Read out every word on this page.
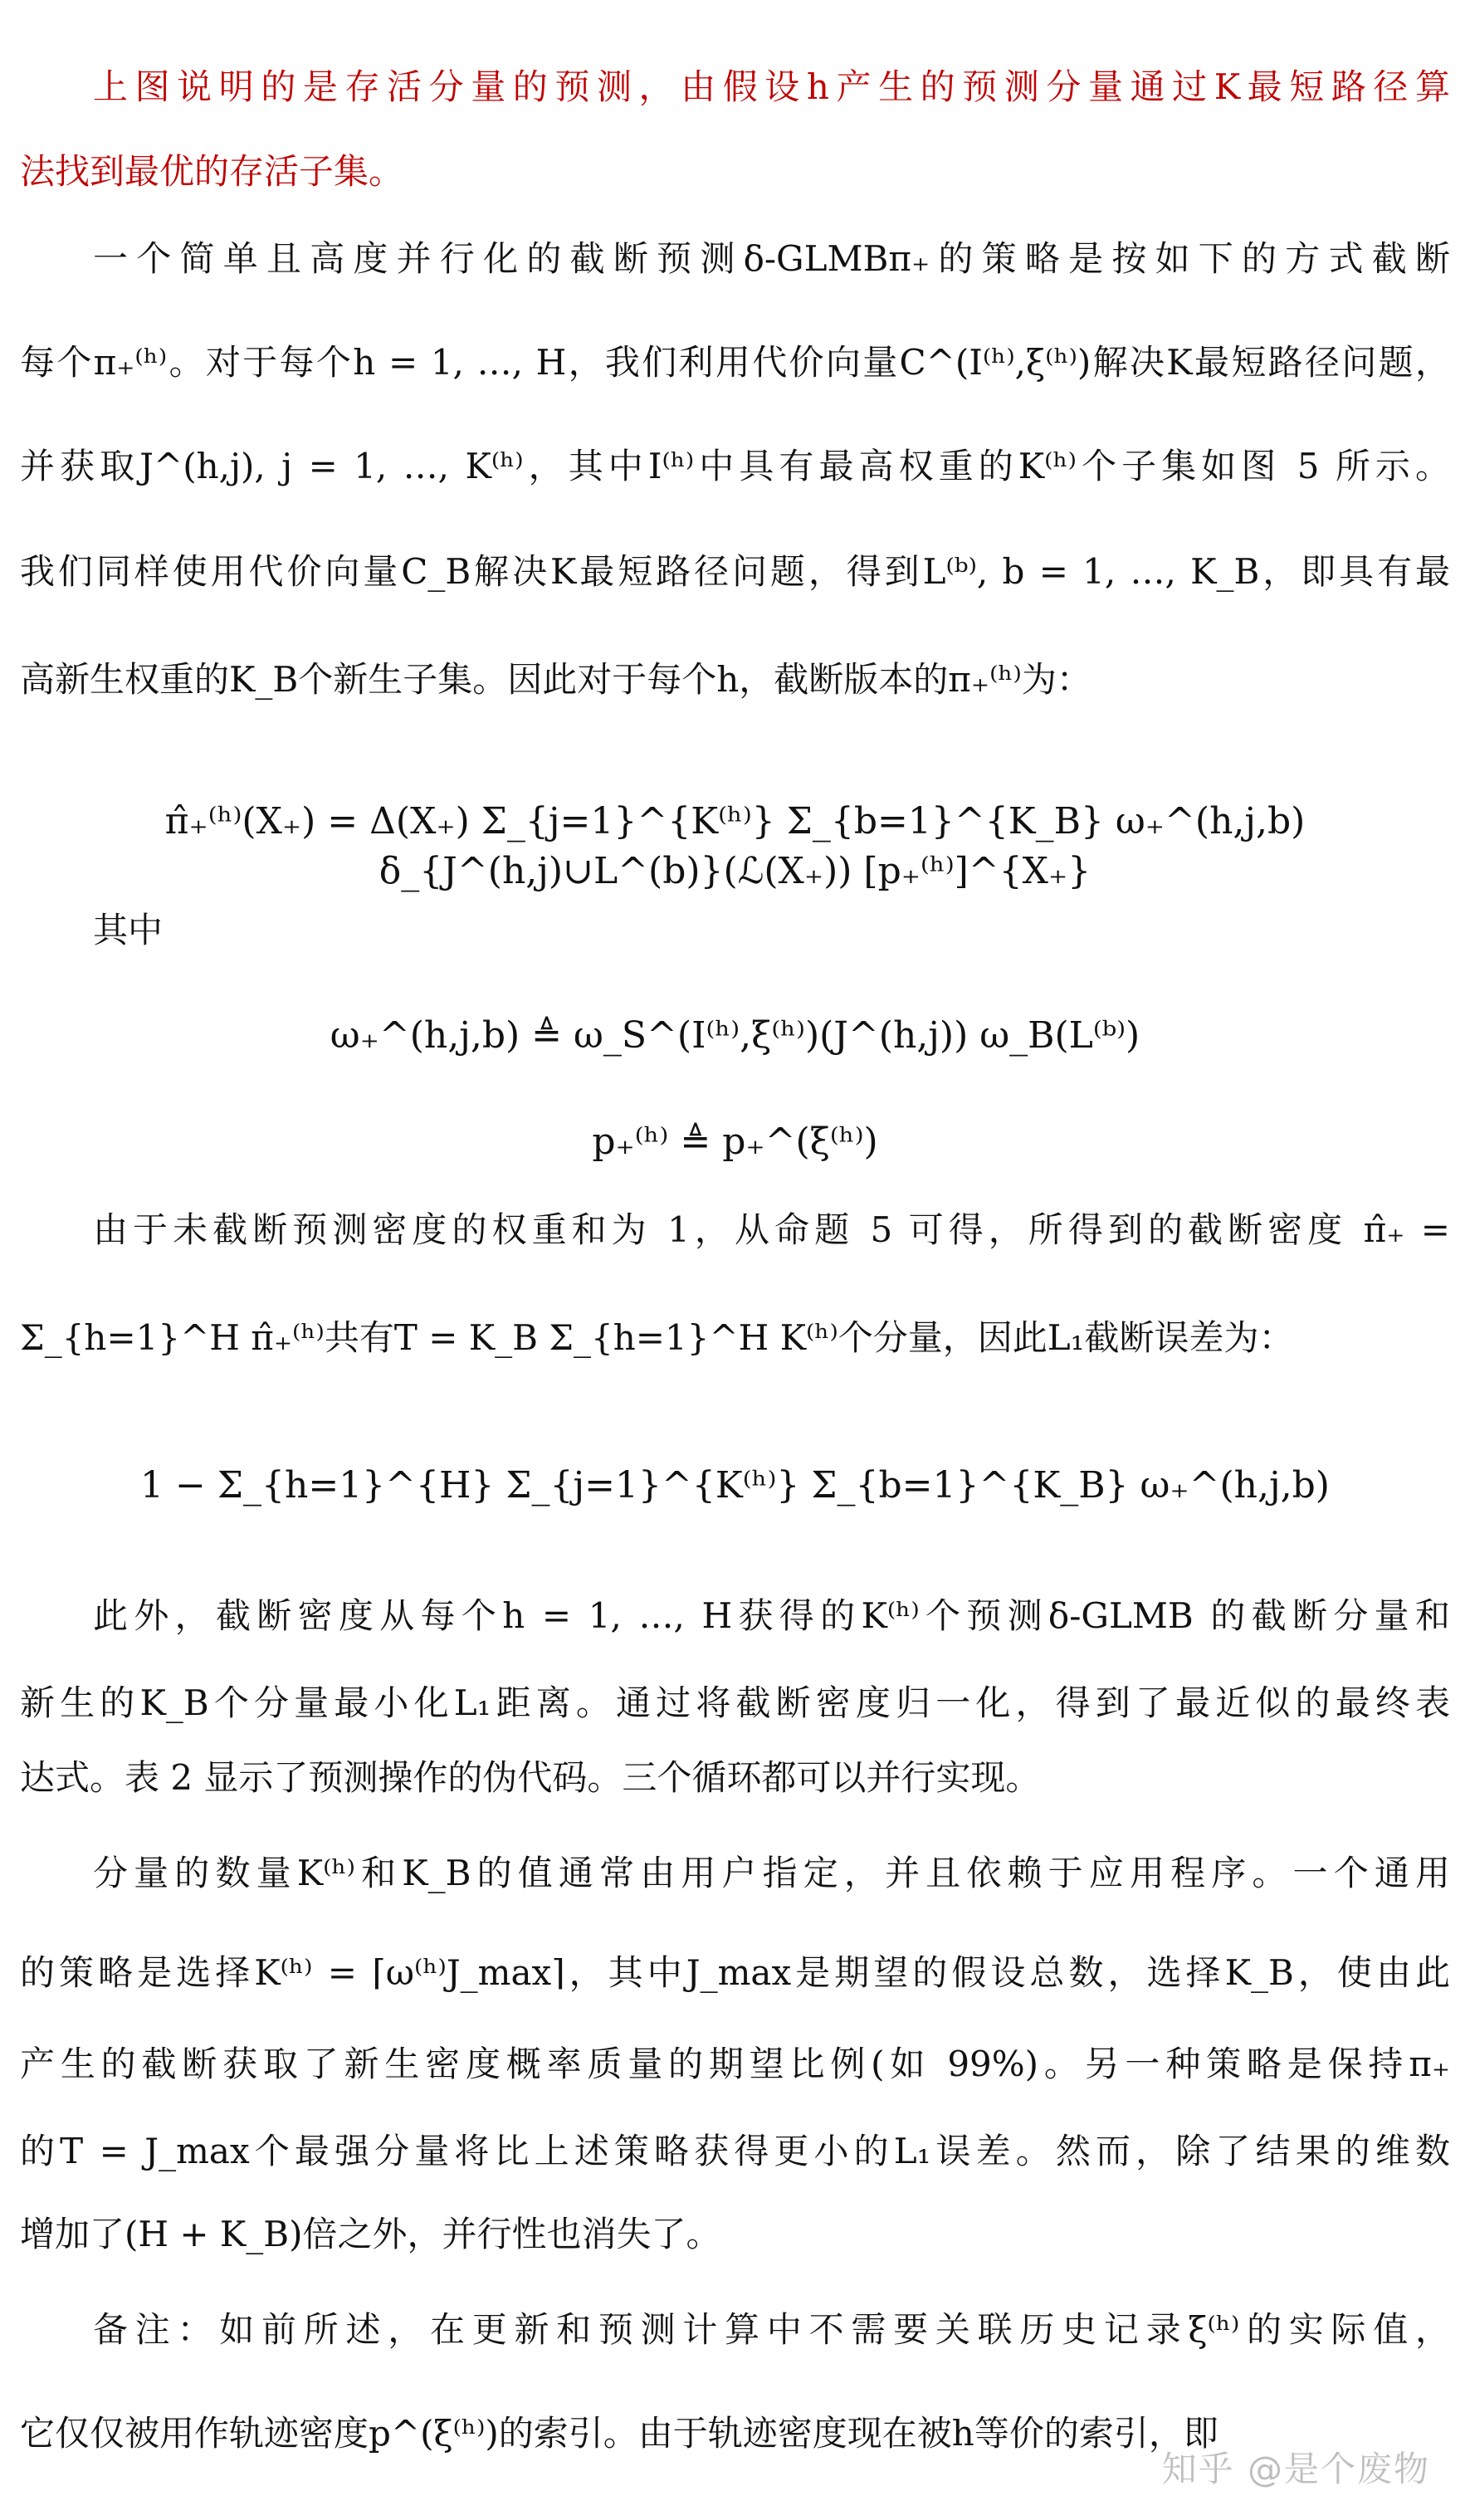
上图说明的是存活分量的预测，由假设h产生的预测分量通过K最短路径算
法找到最优的存活子集。
一个简单且高度并行化的截断预测δ-GLMBπ₊的策略是按如下的方式截断
每个π₊⁽ʰ⁾。对于每个h = 1, …, H，我们利用代价向量C^(I⁽ʰ⁾,ξ⁽ʰ⁾)解决K最短路径问题，
并获取J^(h,j), j = 1, …, K⁽ʰ⁾，其中I⁽ʰ⁾中具有最高权重的K⁽ʰ⁾个子集如图 5 所示。
我们同样使用代价向量C_B解决K最短路径问题，得到L⁽ᵇ⁾, b = 1, …, K_B，即具有最
高新生权重的K_B个新生子集。因此对于每个h，截断版本的π₊⁽ʰ⁾为：
π̂₊⁽ʰ⁾(X₊) = Δ(X₊) Σ_{j=1}^{K⁽ʰ⁾} Σ_{b=1}^{K_B} ω₊^(h,j,b) δ_{J^(h,j)∪L^(b)}(ℒ(X₊)) [p₊⁽ʰ⁾]^{X₊}
其中
ω₊^(h,j,b) ≜ ω_S^(I⁽ʰ⁾,ξ⁽ʰ⁾)(J^(h,j)) ω_B(L⁽ᵇ⁾)
p₊⁽ʰ⁾ ≜ p₊^(ξ⁽ʰ⁾)
由于未截断预测密度的权重和为 1，从命题 5 可得，所得到的截断密度 π̂₊ =
Σ_{h=1}^H π̂₊⁽ʰ⁾共有T = K_B Σ_{h=1}^H K⁽ʰ⁾个分量，因此L₁截断误差为：
1 − Σ_{h=1}^{H} Σ_{j=1}^{K⁽ʰ⁾} Σ_{b=1}^{K_B} ω₊^(h,j,b)
此外，截断密度从每个h = 1, …, H获得的K⁽ʰ⁾个预测δ-GLMB 的截断分量和
新生的K_B个分量最小化L₁距离。通过将截断密度归一化，得到了最近似的最终表
达式。表 2 显示了预测操作的伪代码。三个循环都可以并行实现。
分量的数量K⁽ʰ⁾和K_B的值通常由用户指定，并且依赖于应用程序。一个通用
的策略是选择K⁽ʰ⁾ = ⌈ω⁽ʰ⁾J_max⌉，其中J_max是期望的假设总数，选择K_B，使由此
产生的截断获取了新生密度概率质量的期望比例(如 99%)。另一种策略是保持π₊
的T = J_max个最强分量将比上述策略获得更小的L₁误差。然而，除了结果的维数
增加了(H + K_B)倍之外，并行性也消失了。
备注：如前所述，在更新和预测计算中不需要关联历史记录ξ⁽ʰ⁾的实际值，
它仅仅被用作轨迹密度p^(ξ⁽ʰ⁾)的索引。由于轨迹密度现在被h等价的索引，即
知乎 @是个废物
